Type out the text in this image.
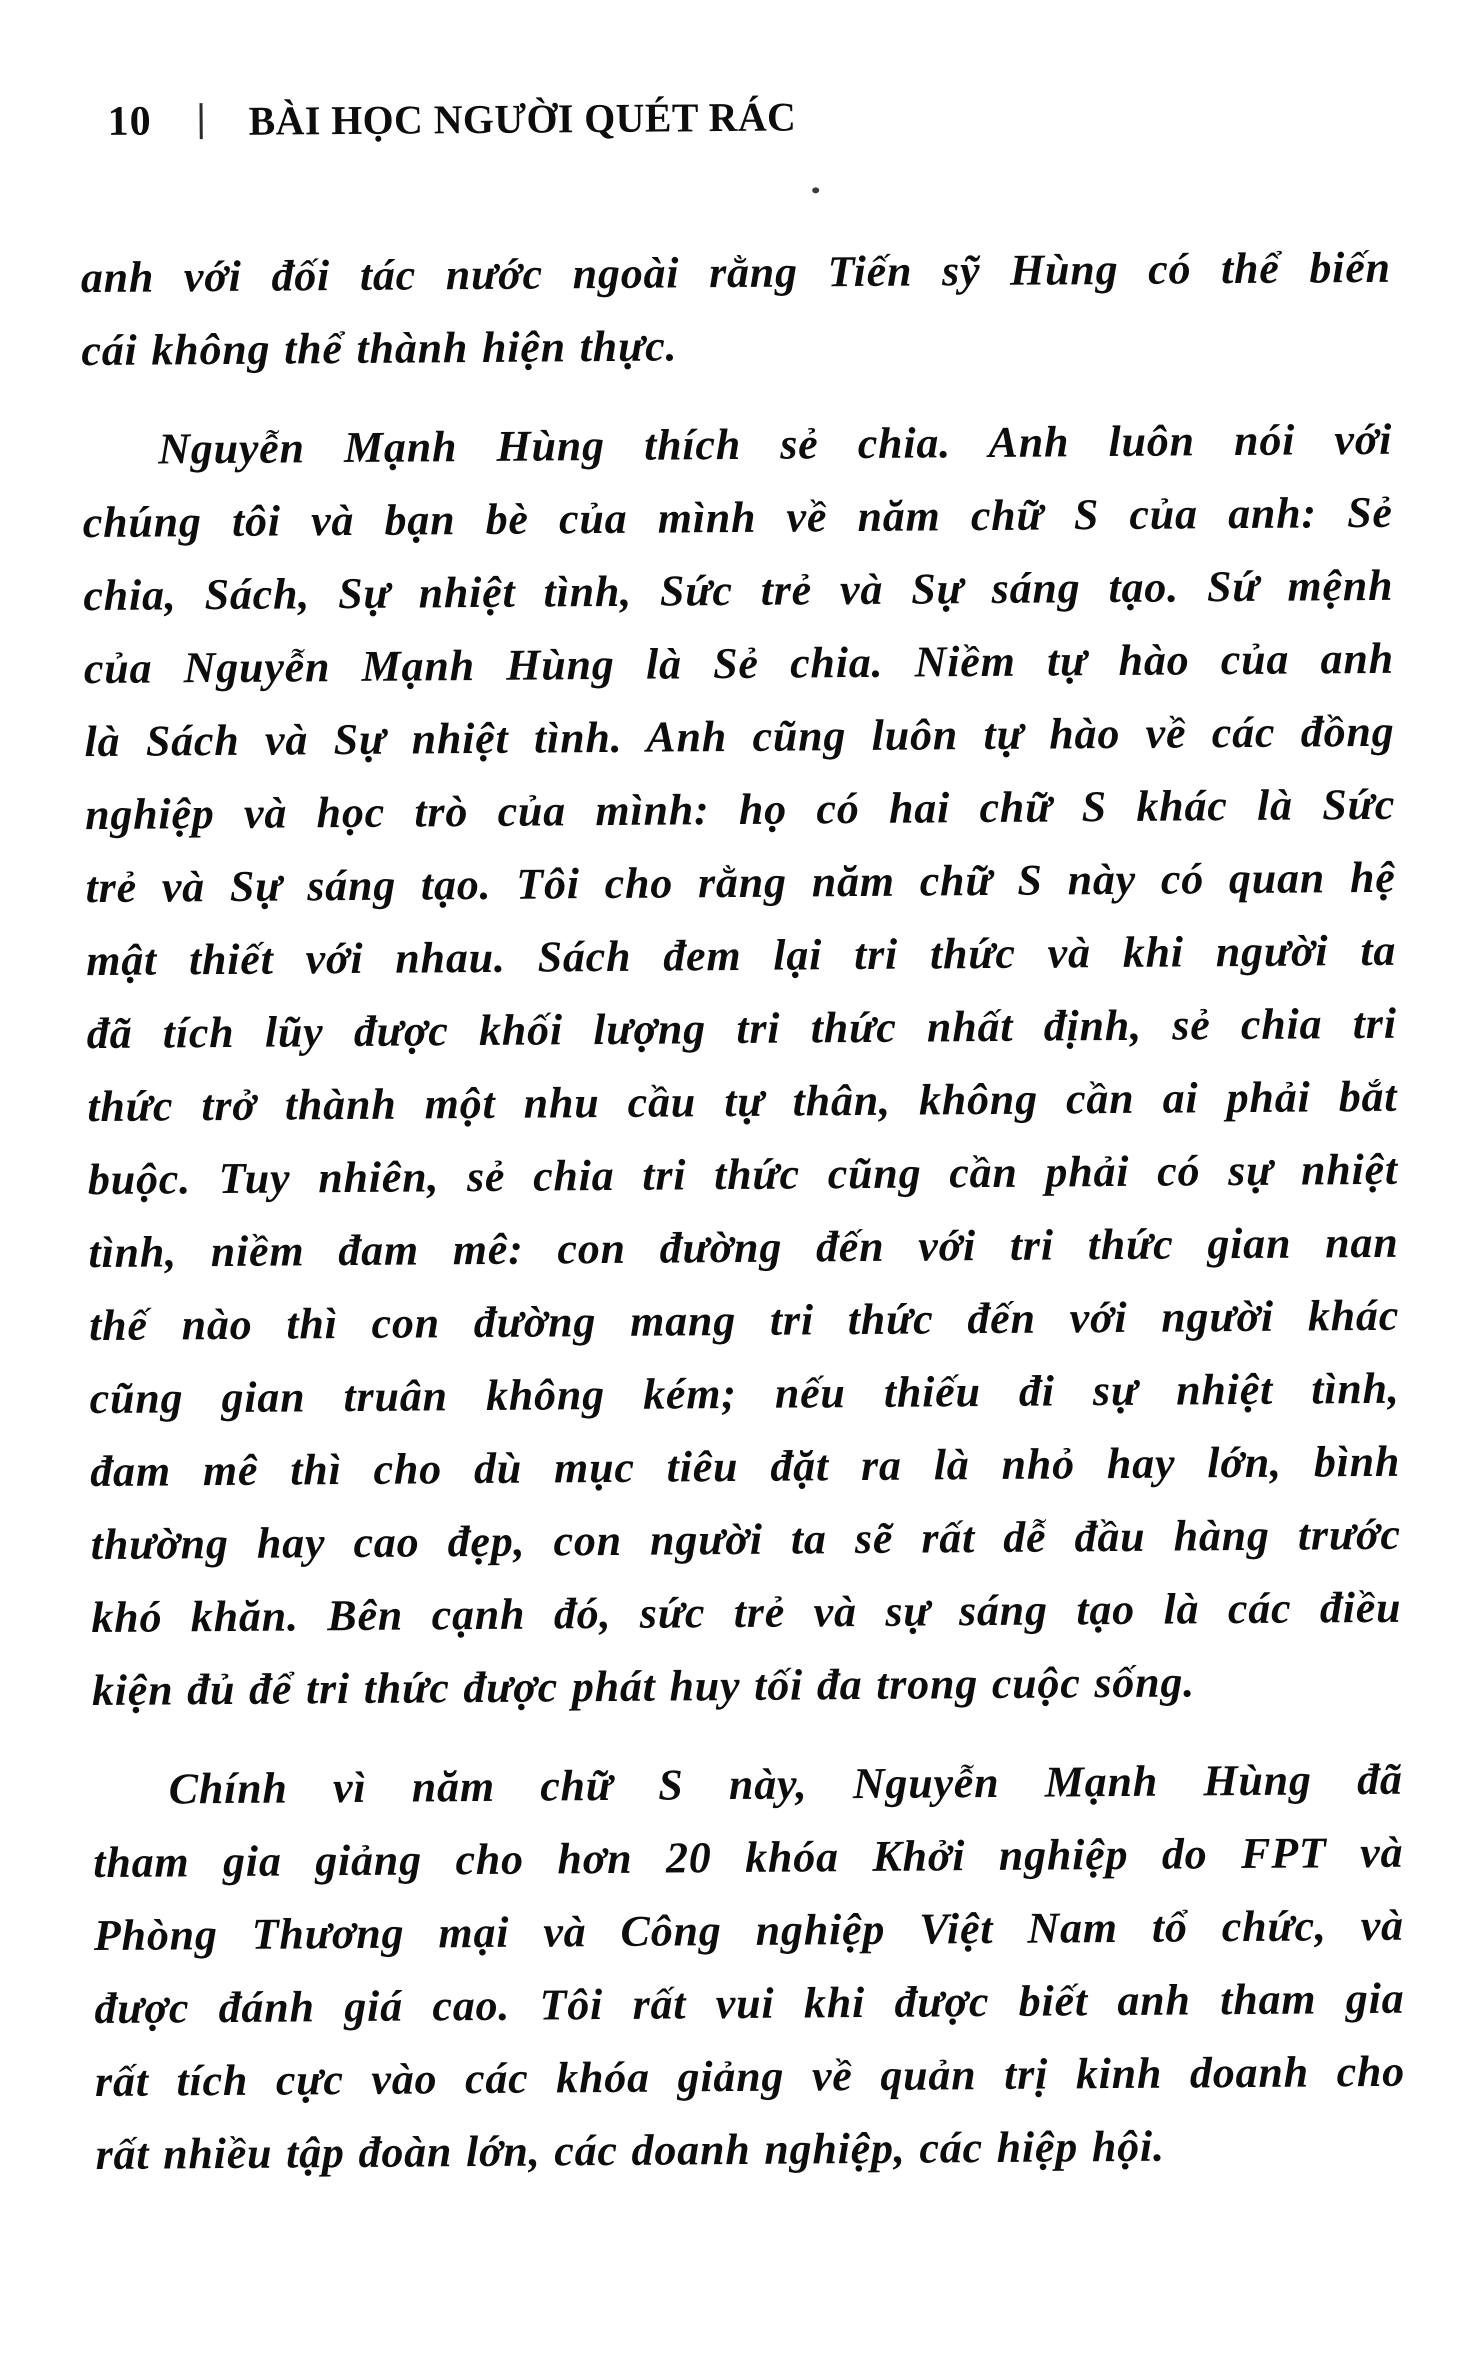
10 BÀI HỌC NGƯỜI QUÉT RÁC
anh với đối tác nước ngoài rằng Tiến sỹ Hùng có thể biến
cái không thể thành hiện thực.
Nguyễn Mạnh Hùng thích sẻ chia. Anh luôn nói với
chúng tôi và bạn bè của mình về năm chữ S của anh: Sẻ
chia, Sách, Sự nhiệt tình, Sức trẻ và Sự sáng tạo. Sứ mệnh
của Nguyễn Mạnh Hùng là Sẻ chia. Niềm tự hào của anh
là Sách và Sự nhiệt tình. Anh cũng luôn tự hào về các đồng
nghiệp và học trò của mình: họ có hai chữ S khác là Sức
trẻ và Sự sáng tạo. Tôi cho rằng năm chữ S này có quan hệ
mật thiết với nhau. Sách đem lại tri thức và khi người ta
đã tích lũy được khối lượng tri thức nhất định, sẻ chia tri
thức trở thành một nhu cầu tự thân, không cần ai phải bắt
buộc. Tuy nhiên, sẻ chia tri thức cũng cần phải có sự nhiệt
tình, niềm đam mê: con đường đến với tri thức gian nan
thế nào thì con đường mang tri thức đến với người khác
cũng gian truân không kém; nếu thiếu đi sự nhiệt tình,
đam mê thì cho dù mục tiêu đặt ra là nhỏ hay lớn, bình
thường hay cao đẹp, con người ta sẽ rất dễ đầu hàng trước
khó khăn. Bên cạnh đó, sức trẻ và sự sáng tạo là các điều
kiện đủ để tri thức được phát huy tối đa trong cuộc sống.
Chính vì năm chữ S này, Nguyễn Mạnh Hùng đã
tham gia giảng cho hơn 20 khóa Khởi nghiệp do FPT và
Phòng Thương mại và Công nghiệp Việt Nam tổ chức, và
được đánh giá cao. Tôi rất vui khi được biết anh tham gia
rất tích cực vào các khóa giảng về quản trị kinh doanh cho
rất nhiều tập đoàn lớn, các doanh nghiệp, các hiệp hội.
